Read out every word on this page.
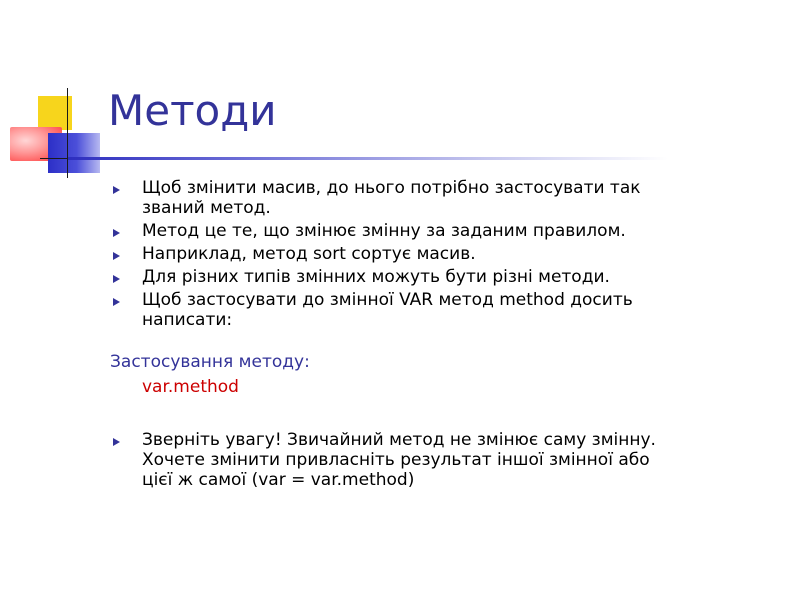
Методи
Щоб змінити масив, до нього потрібно застосувати так званий метод.
Метод це те, що змінює змінну за заданим правилом.
Наприклад, метод sort сортує масив.
Для різних типів змінних можуть бути різні методи.
Щоб застосувати до змінної VAR метод method досить написати:
Застосування методу:
var.method
Зверніть увагу! Звичайний метод не змінює саму змінну. Хочете змінити привласніть результат іншої змінної або цієї ж самої (var = var.method)
